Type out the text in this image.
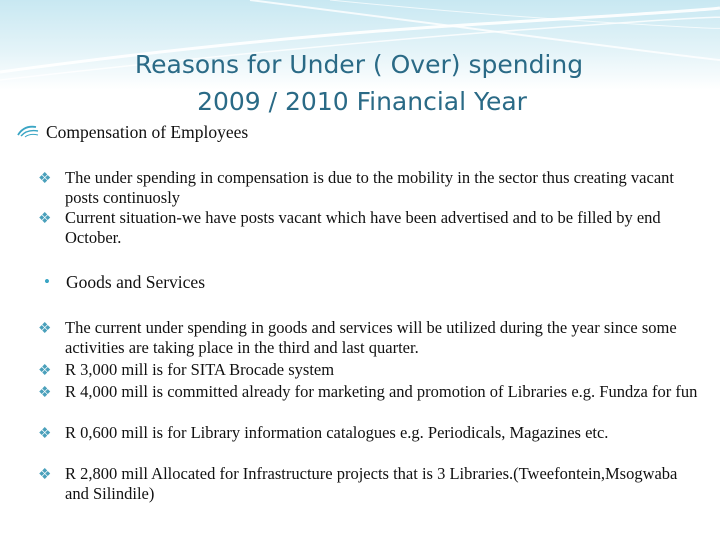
Reasons for Under ( Over) spending
2009 / 2010 Financial Year
Compensation of Employees
❖ The under spending in compensation is due to the mobility in the sector thus creating vacant posts continuosly
❖ Current situation-we have posts vacant which have been advertised and to be filled by end October.
• Goods and Services
❖ The current under spending in goods and services will be utilized during the year since some activities are taking place in the third and last quarter.
❖ R 3,000 mill is for SITA Brocade system
❖ R 4,000 mill is committed already for marketing and promotion of Libraries e.g. Fundza for fun
❖ R 0,600 mill is for Library information catalogues e.g. Periodicals, Magazines etc.
❖ R 2,800 mill Allocated for Infrastructure projects that is 3 Libraries.(Tweefontein,Msogwaba and Silindile)
